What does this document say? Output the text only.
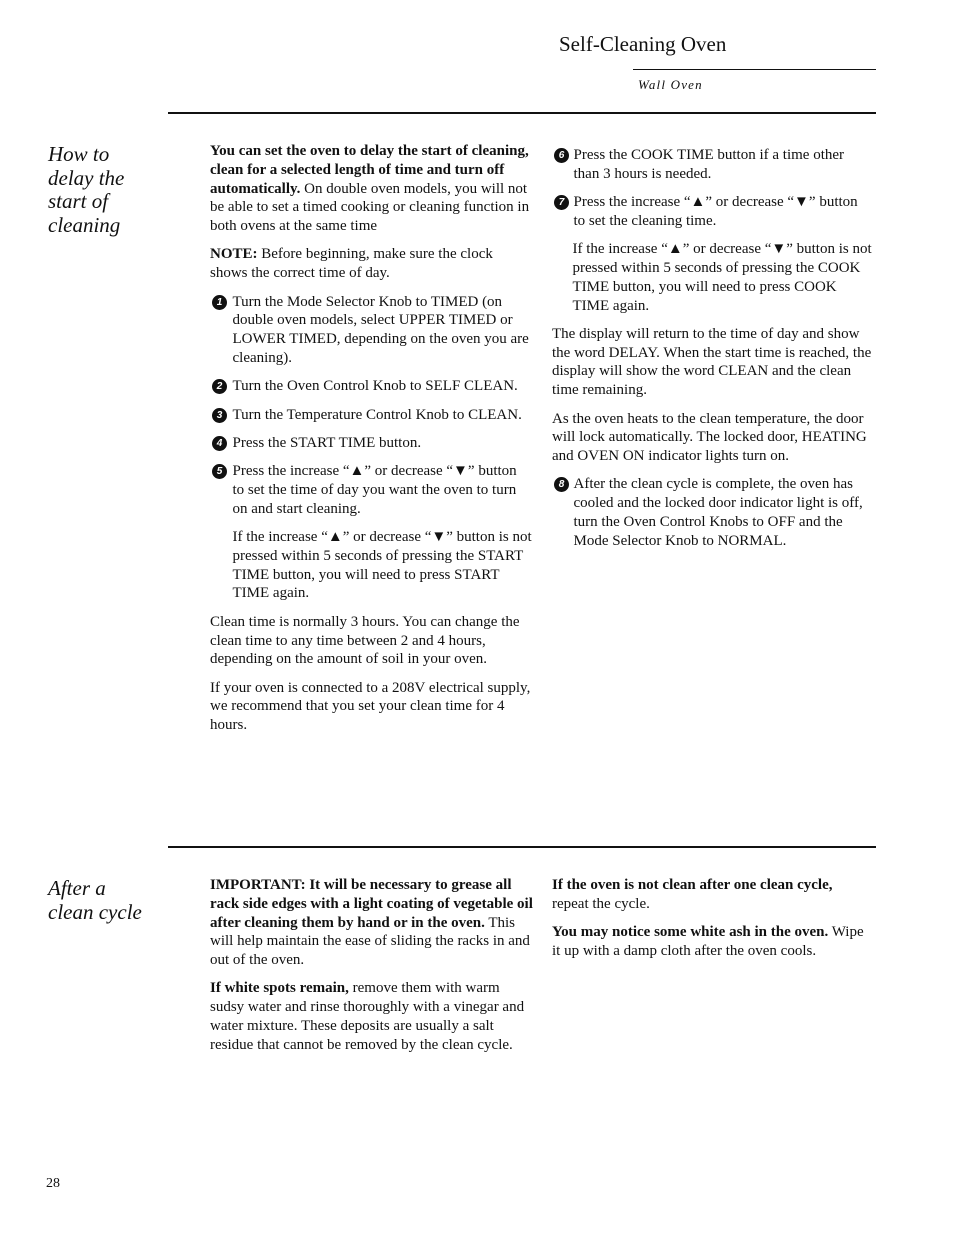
Self-Cleaning Oven
Wall Oven
How to
delay the
start of
cleaning

You can set the oven to delay the start of cleaning, clean for a selected length of time and turn off automatically. On double oven models, you will not be able to set a timed cooking or cleaning function in both ovens at the same time

NOTE: Before beginning, make sure the clock shows the correct time of day.

1 Turn the Mode Selector Knob to TIMED (on double oven models, select UPPER TIMED or LOWER TIMED, depending on the oven you are cleaning).
2 Turn the Oven Control Knob to SELF CLEAN.
3 Turn the Temperature Control Knob to CLEAN.
4 Press the START TIME button.
5 Press the increase “▲” or decrease “▼” button to set the time of day you want the oven to turn on and start cleaning.
If the increase “▲” or decrease “▼” button is not pressed within 5 seconds of pressing the START TIME button, you will need to press START TIME again.

Clean time is normally 3 hours. You can change the clean time to any time between 2 and 4 hours, depending on the amount of soil in your oven.

If your oven is connected to a 208V electrical supply, we recommend that you set your clean time for 4 hours.

6 Press the COOK TIME button if a time other than 3 hours is needed.
7 Press the increase “▲” or decrease “▼” button to set the cleaning time.
If the increase “▲” or decrease “▼” button is not pressed within 5 seconds of pressing the COOK TIME button, you will need to press COOK TIME again.

The display will return to the time of day and show the word DELAY. When the start time is reached, the display will show the word CLEAN and the clean time remaining.

As the oven heats to the clean temperature, the door will lock automatically. The locked door, HEATING and OVEN ON indicator lights turn on.

8 After the clean cycle is complete, the oven has cooled and the locked door indicator light is off, turn the Oven Control Knobs to OFF and the Mode Selector Knob to NORMAL.
After a
clean cycle

IMPORTANT: It will be necessary to grease all rack side edges with a light coating of vegetable oil after cleaning them by hand or in the oven. This will help maintain the ease of sliding the racks in and out of the oven.

If white spots remain, remove them with warm sudsy water and rinse thoroughly with a vinegar and water mixture. These deposits are usually a salt residue that cannot be removed by the clean cycle.

If the oven is not clean after one clean cycle, repeat the cycle.

You may notice some white ash in the oven. Wipe it up with a damp cloth after the oven cools.

28
